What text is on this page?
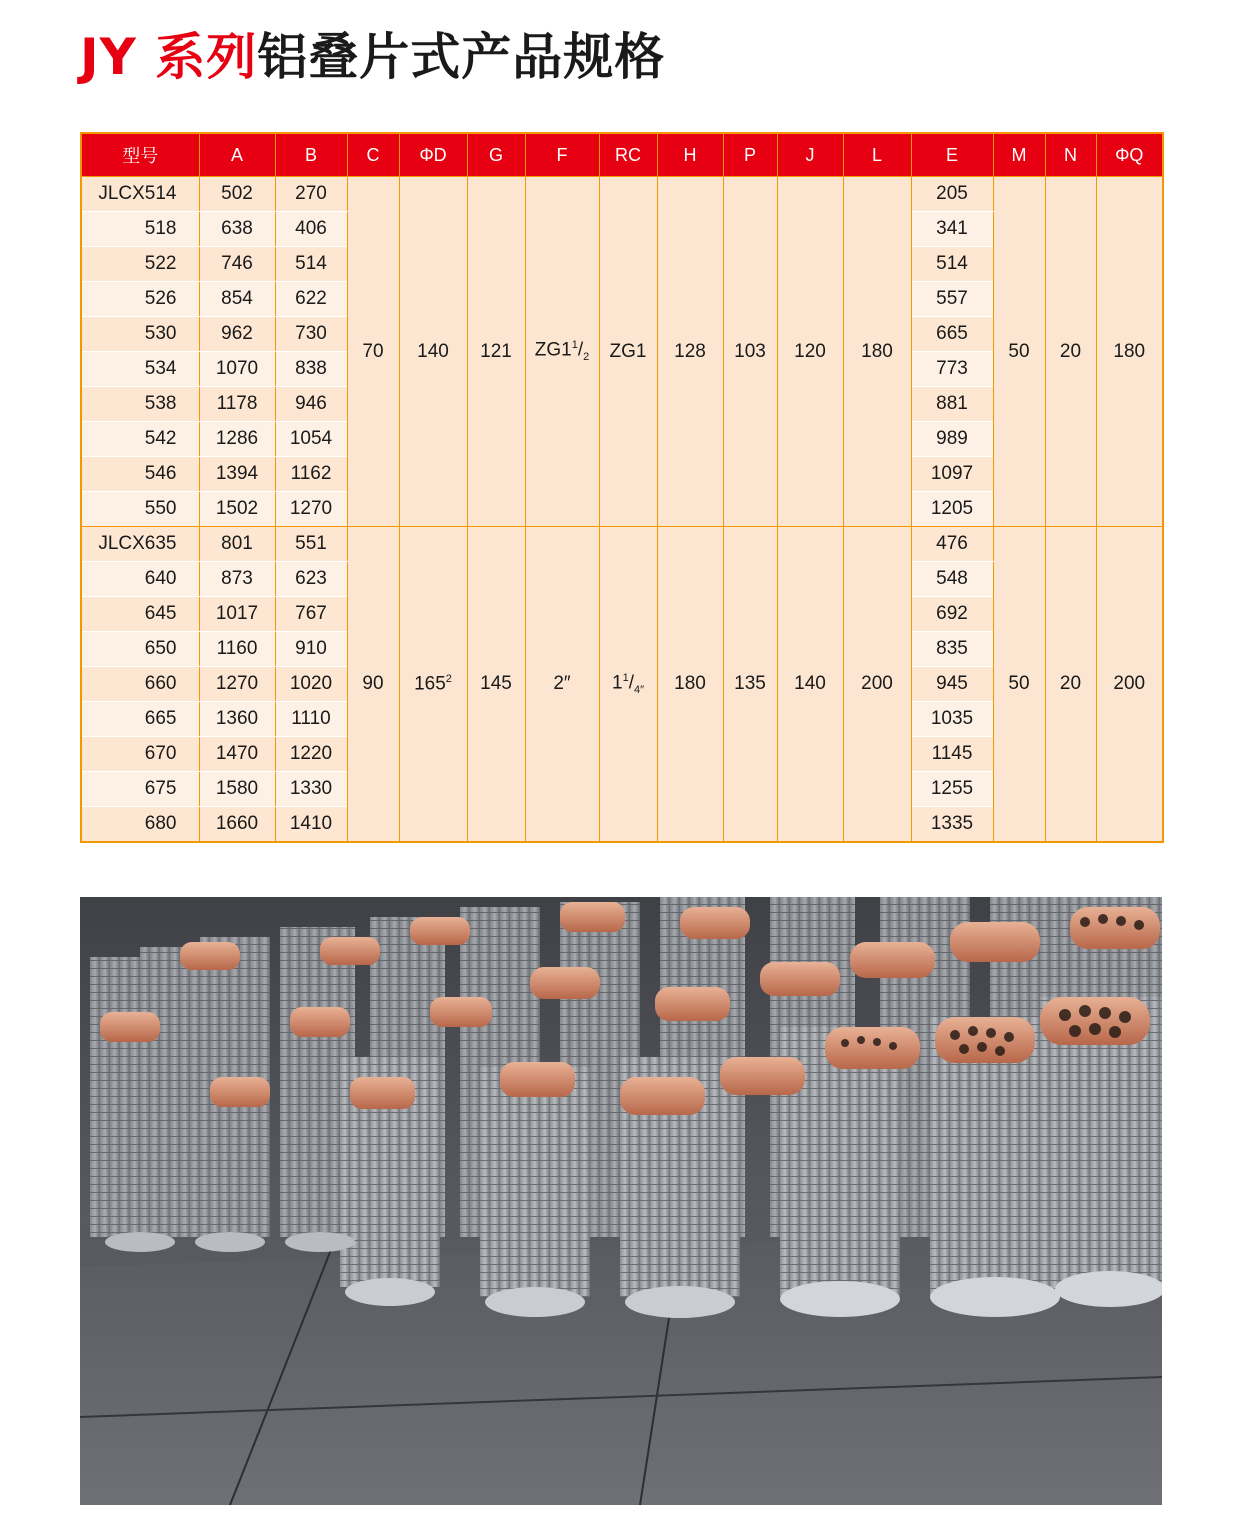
JY 系列铝叠片式产品规格
型号	A	B	C	ΦD	G	F	RC	H	P	J	L	E	M	N	ΦQ
JLCX514	502	270	70	140	121	$ZG1^1/_2$	ZG1	128	103	120	180	205	50	20	180
518	638	406										341			
522	746	514										514			
526	854	622										557			
530	962	730										665			
534	1070	838										773			
538	1178	946										881			
542	1286	1054										989			
546	1394	1162										1097			
550	1502	1270										1205			
JLCX635	801	551	90	$165^2$	145	2″	$1^1/_{4''}$	180	135	140	200	476	50	20	200
640	873	623										548			
645	1017	767										692			
650	1160	910										835			
660	1270	1020										945			
665	1360	1110										1035			
670	1470	1220										1145			
675	1580	1330										1255			
680	1660	1410										1335			
